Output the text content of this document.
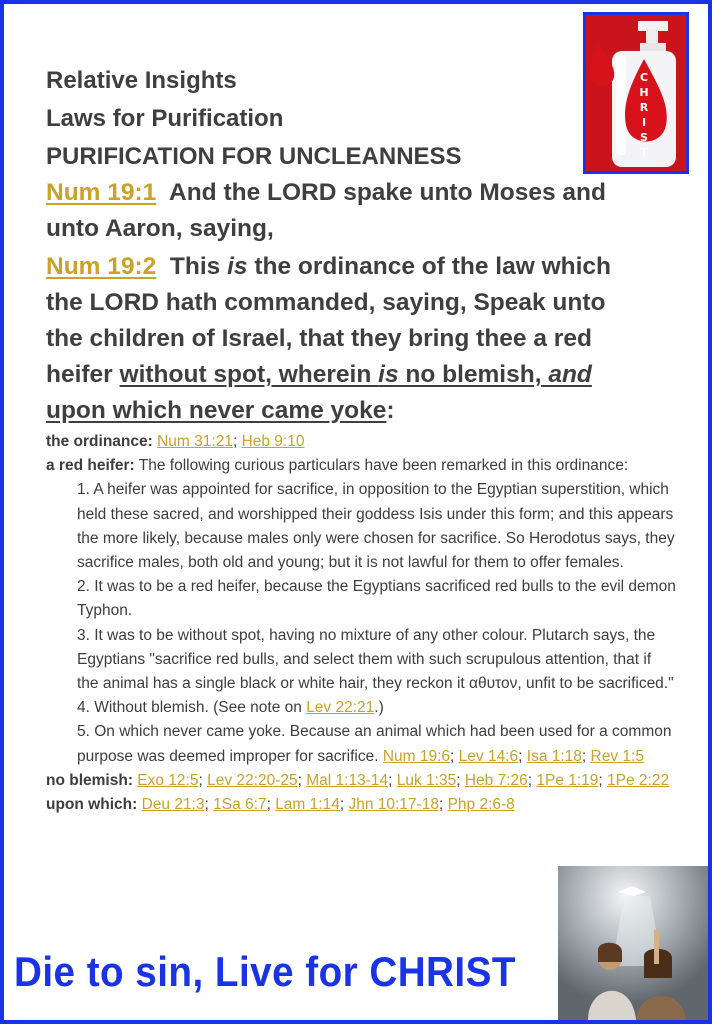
Relative Insights
Laws for Purification
PURIFICATION FOR UNCLEANNESS
Num 19:1 And the LORD spake unto Moses and unto Aaron, saying,
Num 19:2 This is the ordinance of the law which the LORD hath commanded, saying, Speak unto the children of Israel, that they bring thee a red heifer without spot, wherein is no blemish, and upon which never came yoke:

the ordinance: Num 31:21; Heb 9:10

a red heifer: The following curious particulars have been remarked in this ordinance:

1. A heifer was appointed for sacrifice, in opposition to the Egyptian superstition, which held these sacred, and worshipped their goddess Isis under this form; and this appears the more likely, because males only were chosen for sacrifice. So Herodotus says, they sacrifice males, both old and young; but it is not lawful for them to offer females.

2. It was to be a red heifer, because the Egyptians sacrificed red bulls to the evil demon Typhon.

3. It was to be without spot, having no mixture of any other colour. Plutarch says, the Egyptians "sacrifice red bulls, and select them with such scrupulous attention, that if the animal has a single black or white hair, they reckon it αθυτον, unfit to be sacrificed."

4. Without blemish. (See note on Lev 22:21.)

5. On which never came yoke. Because an animal which had been used for a common purpose was deemed improper for sacrifice. Num 19:6; Lev 14:6; Isa 1:18; Rev 1:5

no blemish: Exo 12:5; Lev 22:20-25; Mal 1:13-14; Luk 1:35; Heb 7:26; 1Pe 1:19; 1Pe 2:22

upon which: Deu 21:3; 1Sa 6:7; Lam 1:14; Jhn 10:17-18; Php 2:6-8

C
H
R
I
S
T
Die to sin, Live for CHRIST
